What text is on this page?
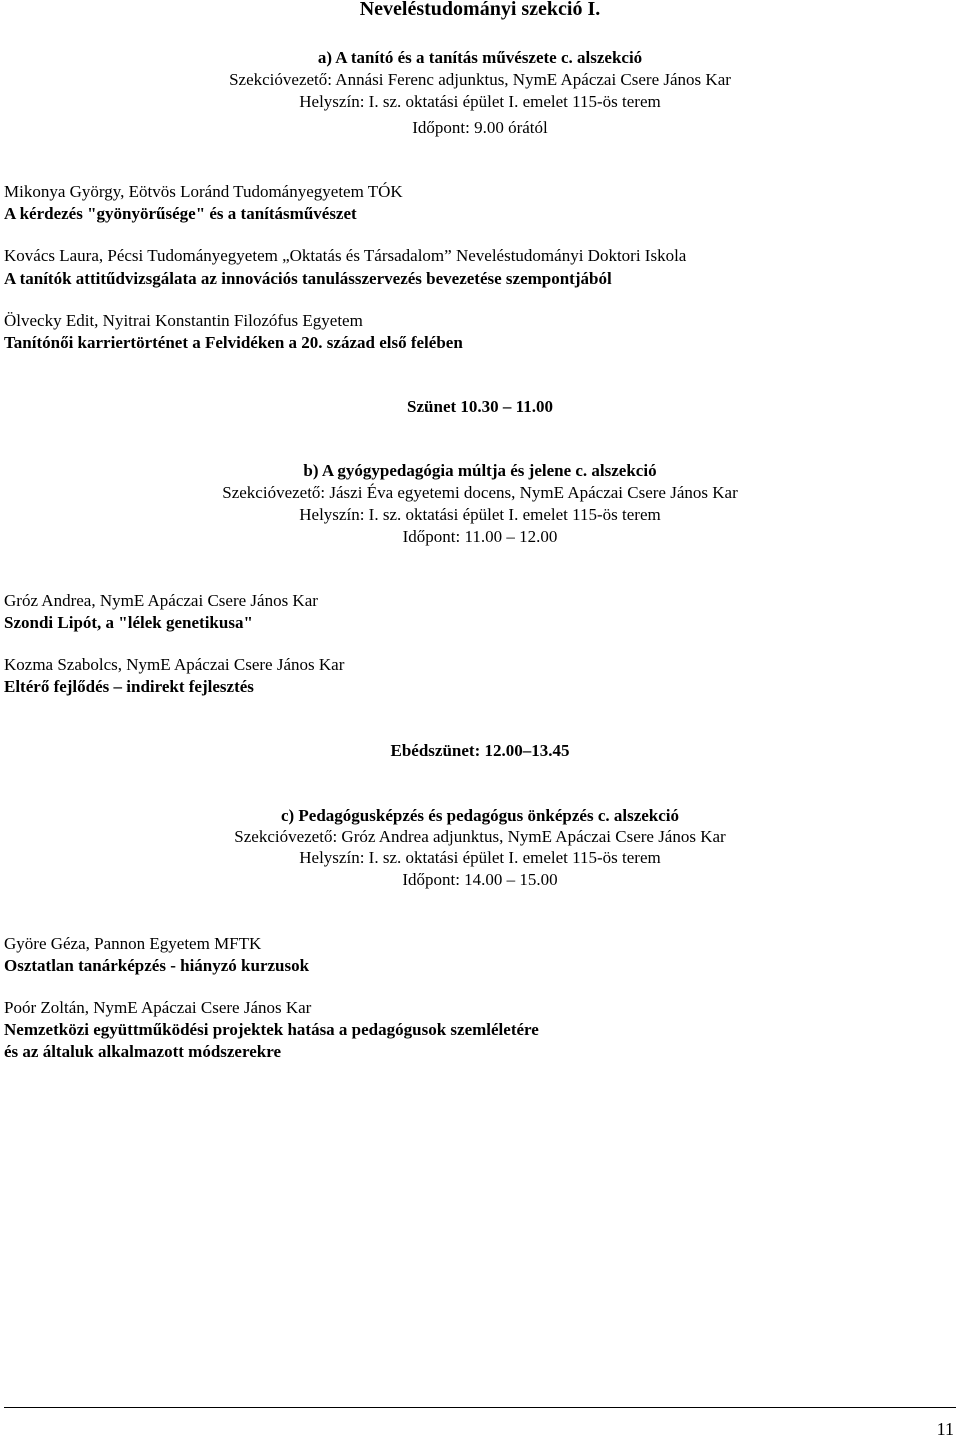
Neveléstudományi szekció I.
a) A tanító és a tanítás művészete c. alszekció
Szekcióvezető: Annási Ferenc adjunktus, NymE Apáczai Csere János Kar
Helyszín: I. sz. oktatási épület I. emelet 115-ös terem
Időpont: 9.00 órától
Mikonya György, Eötvös Loránd Tudományegyetem TÓK
A kérdezés "gyönyörűsége" és a tanításművészet
Kovács Laura, Pécsi Tudományegyetem „Oktatás és Társadalom” Neveléstudományi Doktori Iskola
A tanítók attitűdvizsgálata az innovációs tanulásszervezés bevezetése szempontjából
Ölvecky Edit, Nyitrai Konstantin Filozófus Egyetem
Tanítónői karriertörténet a Felvidéken a 20. század első felében
Szünet 10.30 – 11.00
b) A gyógypedagógia múltja és jelene c. alszekció
Szekcióvezető: Jászi Éva egyetemi docens, NymE Apáczai Csere János Kar
Helyszín: I. sz. oktatási épület I. emelet 115-ös terem
Időpont: 11.00 – 12.00
Gróz Andrea, NymE Apáczai Csere János Kar
Szondi Lipót, a "lélek genetikusa"
Kozma Szabolcs, NymE Apáczai Csere János Kar
Eltérő fejlődés – indirekt fejlesztés
Ebédszünet: 12.00–13.45
c) Pedagógusképzés és pedagógus önképzés c. alszekció
Szekcióvezető: Gróz Andrea adjunktus, NymE Apáczai Csere János Kar
Helyszín: I. sz. oktatási épület I. emelet 115-ös terem
Időpont: 14.00 – 15.00
Györe Géza, Pannon Egyetem MFTK
Osztatlan tanárképzés - hiányzó kurzusok
Poór Zoltán, NymE Apáczai Csere János Kar
Nemzetközi együttműködési projektek hatása a pedagógusok szemléletére
és az általuk alkalmazott módszerekre
11
